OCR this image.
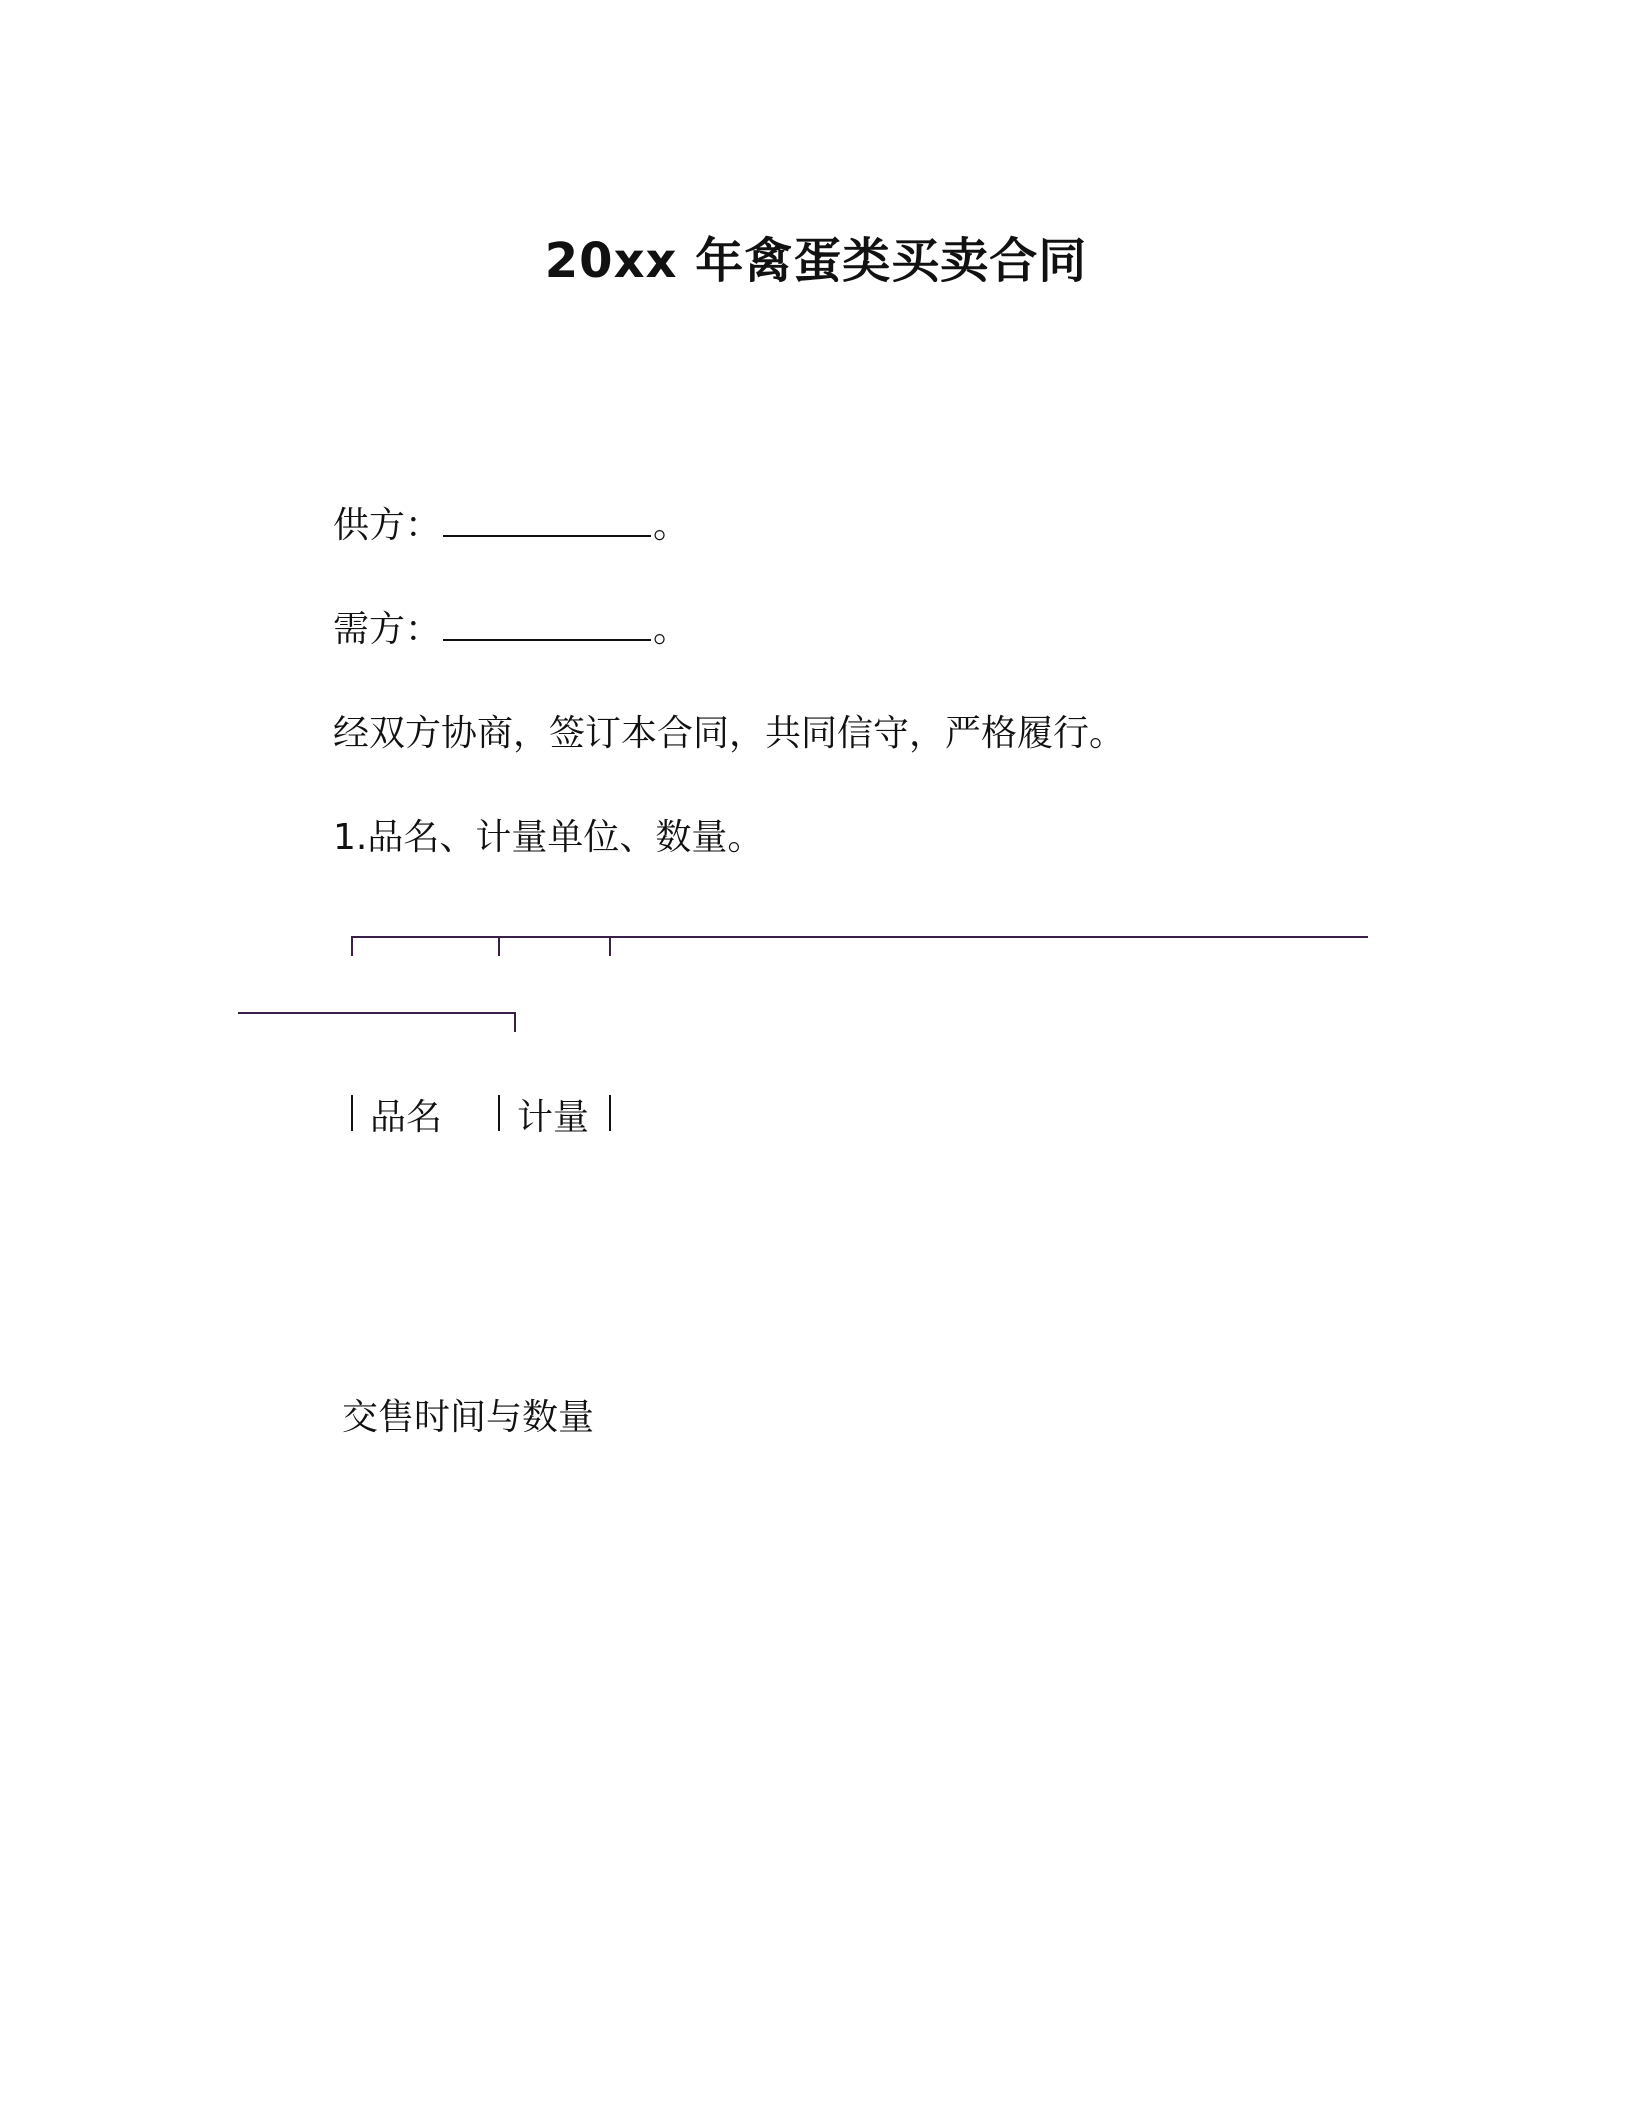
20xx 年禽蛋类买卖合同
供方：	。
需方：	。
经双方协商，签订本合同，共同信守，严格履行。
1.品名、计量单位、数量。
品名 计量
交售时间与数量
